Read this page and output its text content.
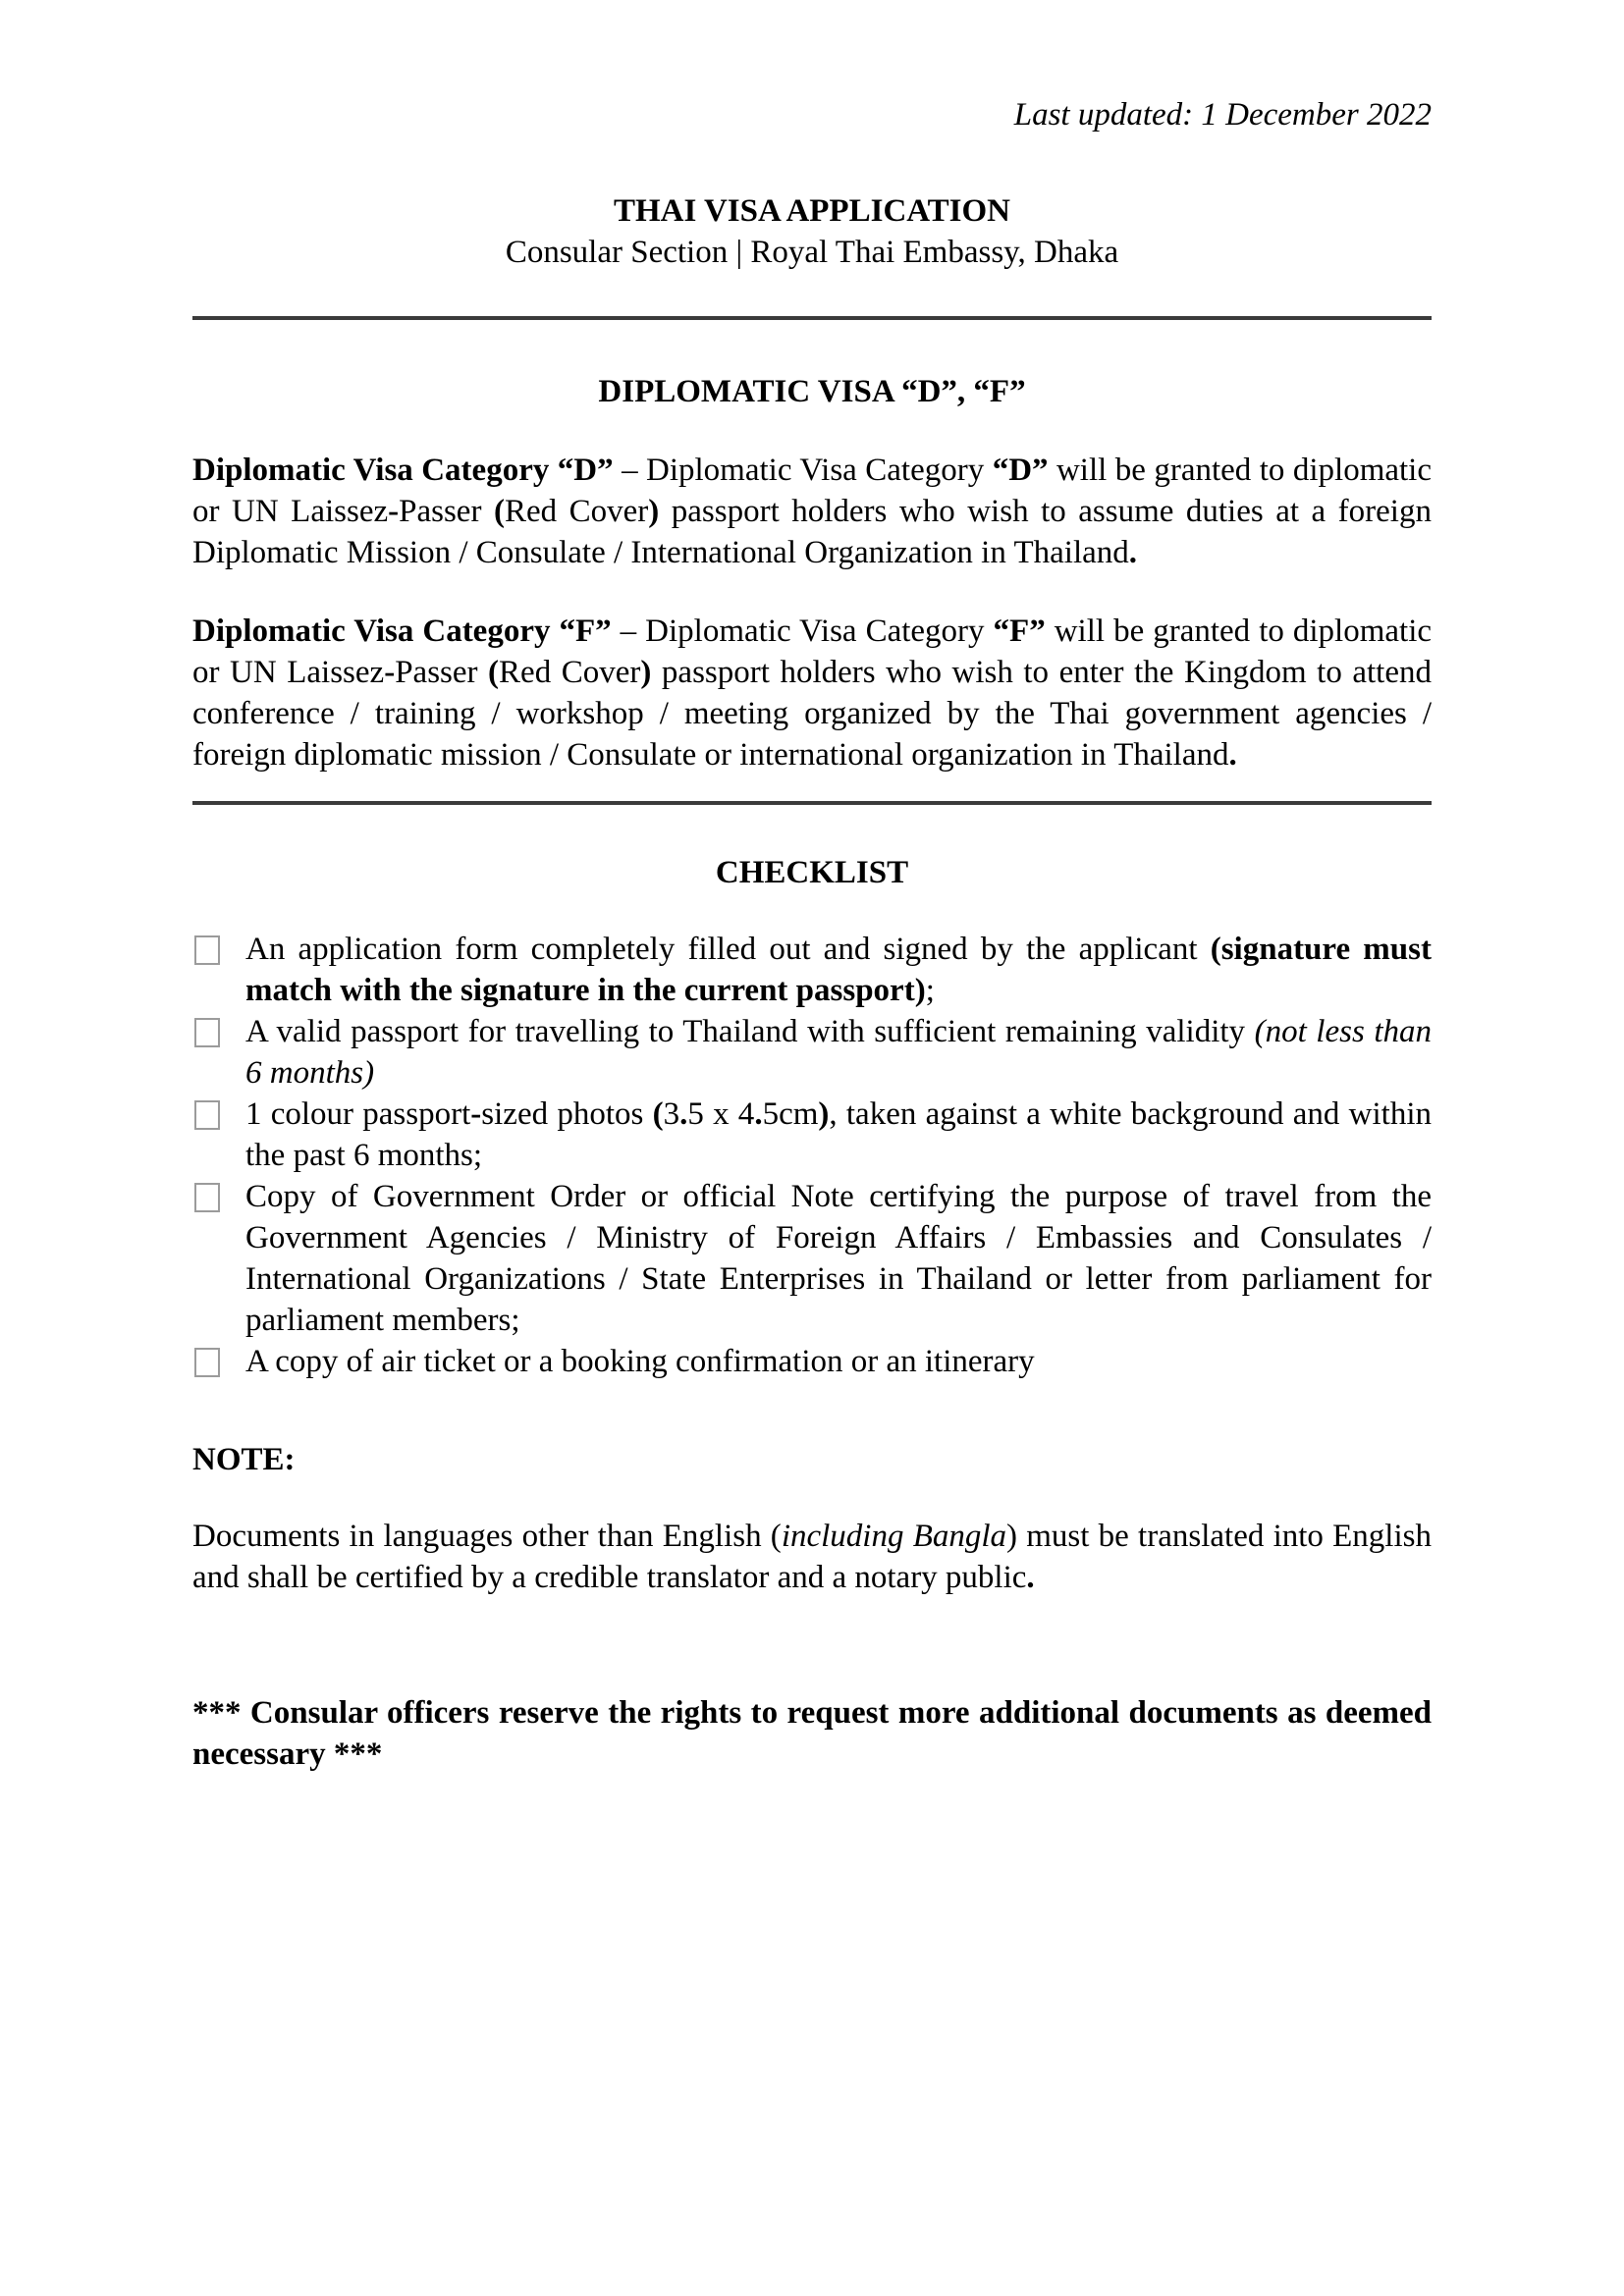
Last updated: 1 December 2022
THAI VISA APPLICATION
Consular Section | Royal Thai Embassy, Dhaka
DIPLOMATIC VISA “D”, “F”

Diplomatic Visa Category “D” – Diplomatic Visa Category “D” will be granted to diplomatic or UN Laissez-Passer (Red Cover) passport holders who wish to assume duties at a foreign Diplomatic Mission / Consulate / International Organization in Thailand.

Diplomatic Visa Category “F” – Diplomatic Visa Category “F” will be granted to diplomatic or UN Laissez-Passer (Red Cover) passport holders who wish to enter the Kingdom to attend conference / training / workshop / meeting organized by the Thai government agencies / foreign diplomatic mission / Consulate or international organization in Thailand.

CHECKLIST
An application form completely filled out and signed by the applicant (signature must match with the signature in the current passport);
A valid passport for travelling to Thailand with sufficient remaining validity (not less than 6 months)
1 colour passport-sized photos (3.5 x 4.5cm), taken against a white background and within the past 6 months;
Copy of Government Order or official Note certifying the purpose of travel from the Government Agencies / Ministry of Foreign Affairs / Embassies and Consulates / International Organizations / State Enterprises in Thailand or letter from parliament for parliament members;
A copy of air ticket or a booking confirmation or an itinerary
NOTE:

Documents in languages other than English (including Bangla) must be translated into English and shall be certified by a credible translator and a notary public.

*** Consular officers reserve the rights to request more additional documents as deemed necessary ***
